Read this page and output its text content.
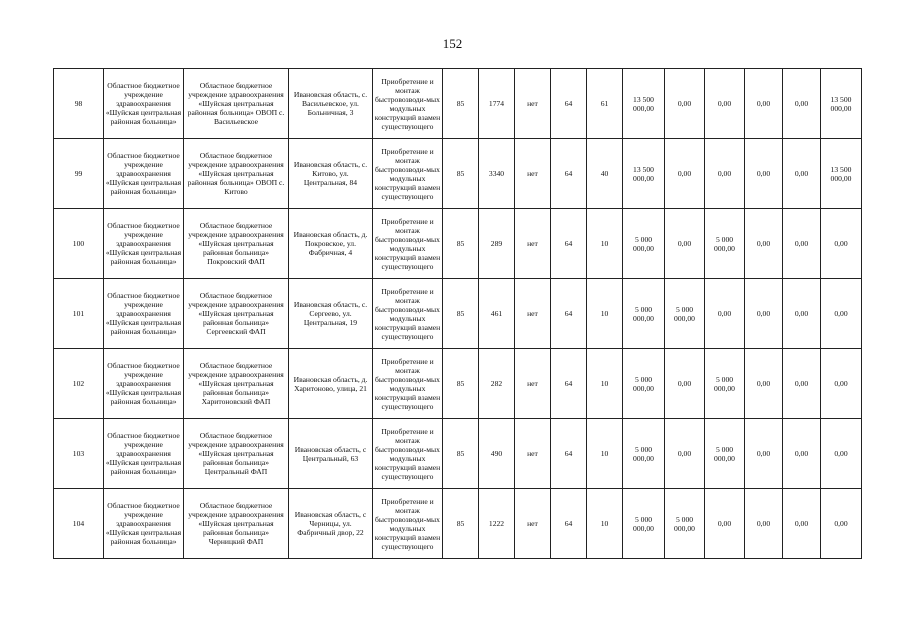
152
98	Областное бюджетное учреждение здравоохранения «Шуйская центральная районная больница»	Областное бюджетное учреждение здравоохранения «Шуйская центральная районная больница» ОВОП с. Васильевское	Ивановская область, с. Васильевское, ул. Больничная, 3	Приобретение и монтаж быстровозводи-мых модульных конструкций взамен существующего	85	1774	нет	64	61	13 500 000,00	0,00	0,00	0,00	0,00	13 500 000,00
99	Областное бюджетное учреждение здравоохранения «Шуйская центральная районная больница»	Областное бюджетное учреждение здравоохранения «Шуйская центральная районная больница» ОВОП с. Китово	Ивановская область, с. Китово, ул. Центральная, 84	Приобретение и монтаж быстровозводи-мых модульных конструкций взамен существующего	85	3340	нет	64	40	13 500 000,00	0,00	0,00	0,00	0,00	13 500 000,00
100	Областное бюджетное учреждение здравоохранения «Шуйская центральная районная больница»	Областное бюджетное учреждение здравоохранения «Шуйская центральная районная больница» Покровский ФАП	Ивановская область, д. Покровское, ул. Фабричная, 4	Приобретение и монтаж быстровозводи-мых модульных конструкций взамен существующего	85	289	нет	64	10	5 000 000,00	0,00	5 000 000,00	0,00	0,00	0,00
101	Областное бюджетное учреждение здравоохранения «Шуйская центральная районная больница»	Областное бюджетное учреждение здравоохранения «Шуйская центральная районная больница» Сергеевский ФАП	Ивановская область, с. Сергеево, ул. Центральная, 19	Приобретение и монтаж быстровозводи-мых модульных конструкций взамен существующего	85	461	нет	64	10	5 000 000,00	5 000 000,00	0,00	0,00	0,00	0,00
102	Областное бюджетное учреждение здравоохранения «Шуйская центральная районная больница»	Областное бюджетное учреждение здравоохранения «Шуйская центральная районная больница» Харитоновский ФАП	Ивановская область, д. Харитоново, улица, 21	Приобретение и монтаж быстровозводи-мых модульных конструкций взамен существующего	85	282	нет	64	10	5 000 000,00	0,00	5 000 000,00	0,00	0,00	0,00
103	Областное бюджетное учреждение здравоохранения «Шуйская центральная районная больница»	Областное бюджетное учреждение здравоохранения «Шуйская центральная районная больница» Центральный ФАП	Ивановская область, с Центральный, 63	Приобретение и монтаж быстровозводи-мых модульных конструкций взамен существующего	85	490	нет	64	10	5 000 000,00	0,00	5 000 000,00	0,00	0,00	0,00
104	Областное бюджетное учреждение здравоохранения «Шуйская центральная районная больница»	Областное бюджетное учреждение здравоохранения «Шуйская центральная районная больница» Черницкий ФАП	Ивановская область, с Черницы, ул. Фабричный двор, 22	Приобретение и монтаж быстровозводи-мых модульных конструкций взамен существующего	85	1222	нет	64	10	5 000 000,00	5 000 000,00	0,00	0,00	0,00	0,00
